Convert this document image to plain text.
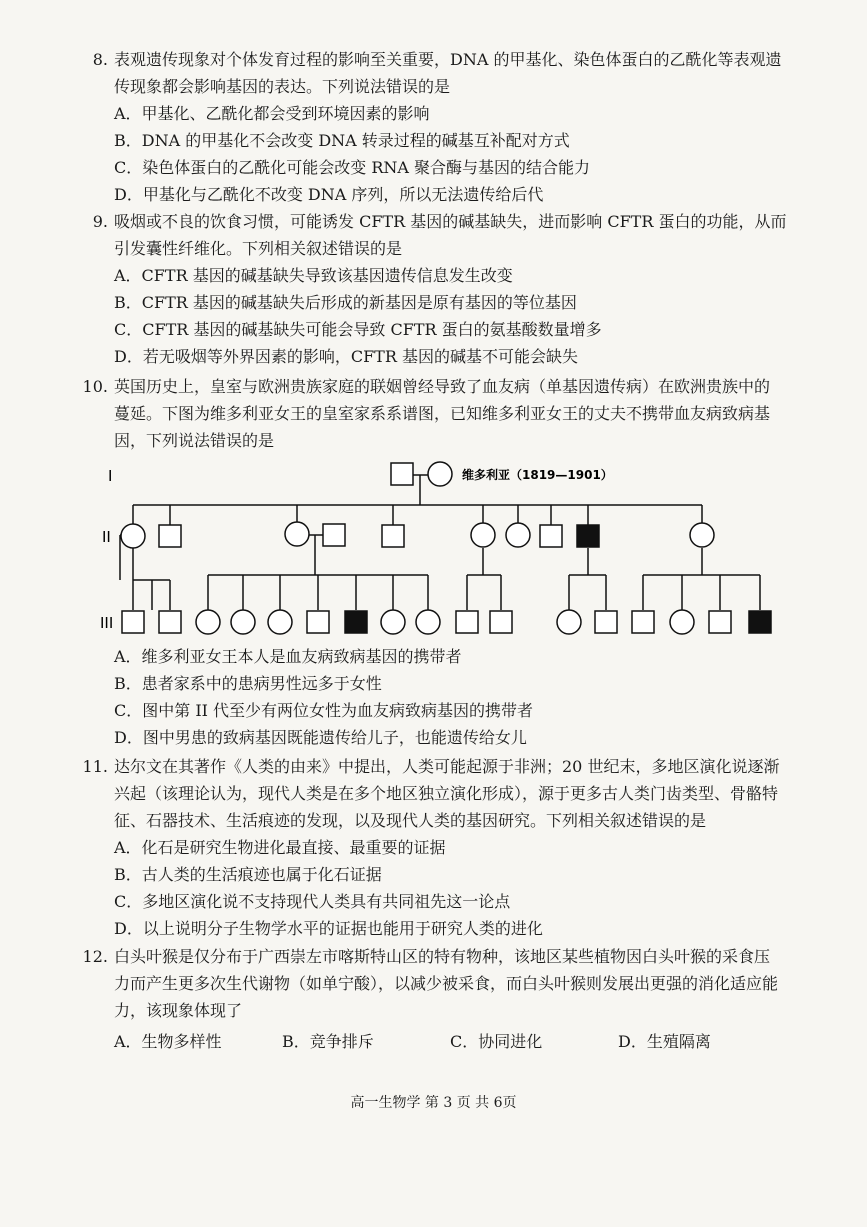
8. 表观遗传现象对个体发育过程的影响至关重要，DNA 的甲基化、染色体蛋白的乙酰化等表观遗
传现象都会影响基因的表达。下列说法错误的是
A．甲基化、乙酰化都会受到环境因素的影响
B．DNA 的甲基化不会改变 DNA 转录过程的碱基互补配对方式
C．染色体蛋白的乙酰化可能会改变 RNA 聚合酶与基因的结合能力
D．甲基化与乙酰化不改变 DNA 序列，所以无法遗传给后代
9. 吸烟或不良的饮食习惯，可能诱发 CFTR 基因的碱基缺失，进而影响 CFTR 蛋白的功能，从而
引发囊性纤维化。下列相关叙述错误的是
A．CFTR 基因的碱基缺失导致该基因遗传信息发生改变
B．CFTR 基因的碱基缺失后形成的新基因是原有基因的等位基因
C．CFTR 基因的碱基缺失可能会导致 CFTR 蛋白的氨基酸数量增多
D．若无吸烟等外界因素的影响，CFTR 基因的碱基不可能会缺失
10. 英国历史上，皇室与欧洲贵族家庭的联姻曾经导致了血友病（单基因遗传病）在欧洲贵族中的
蔓延。下图为维多利亚女王的皇室家系系谱图，已知维多利亚女王的丈夫不携带血友病致病基
因，下列说法错误的是
I
II
III
维多利亚（1819—1901）
A．维多利亚女王本人是血友病致病基因的携带者
B．患者家系中的患病男性远多于女性
C．图中第 II 代至少有两位女性为血友病致病基因的携带者
D．图中男患的致病基因既能遗传给儿子，也能遗传给女儿
11. 达尔文在其著作《人类的由来》中提出，人类可能起源于非洲；20 世纪末，多地区演化说逐渐
兴起（该理论认为，现代人类是在多个地区独立演化形成），源于更多古人类门齿类型、骨骼特
征、石器技术、生活痕迹的发现，以及现代人类的基因研究。下列相关叙述错误的是
A．化石是研究生物进化最直接、最重要的证据
B．古人类的生活痕迹也属于化石证据
C．多地区演化说不支持现代人类具有共同祖先这一论点
D．以上说明分子生物学水平的证据也能用于研究人类的进化
12. 白头叶猴是仅分布于广西崇左市喀斯特山区的特有物种，该地区某些植物因白头叶猴的采食压
力而产生更多次生代谢物（如单宁酸），以减少被采食，而白头叶猴则发展出更强的消化适应能
力，该现象体现了
A．生物多样性	B．竞争排斥	C．协同进化	D．生殖隔离
高一生物学 第 3 页 共 6页
